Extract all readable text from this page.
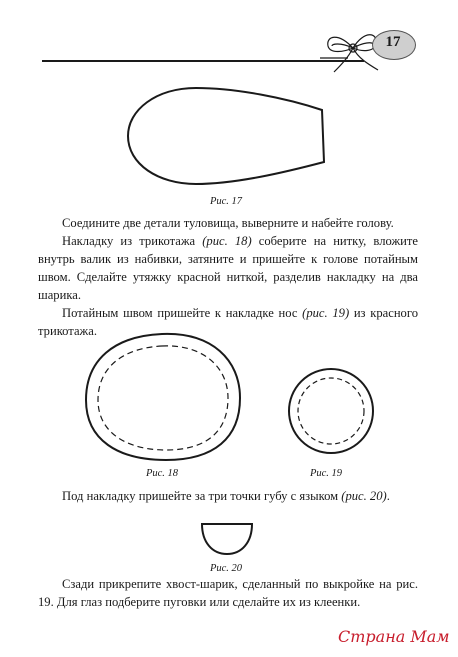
17
Рис. 17
Соедините две детали туловища, выверните и набейте голову.
Накладку из трикотажа (рис. 18) соберите на нитку, вложите внутрь валик из набивки, затяните и пришейте к голове потайным швом. Сделайте утяжку красной ниткой, разделив накладку на два шарика.
Потайным швом пришейте к накладке нос (рис. 19) из красного трикотажа.
Рис. 18	Рис. 19
Под накладку пришейте за три точки губу с языком (рис. 20).
Рис. 20
Сзади прикрепите хвост-шарик, сделанный по выкройке на рис. 19. Для глаз подберите пуговки или сделайте их из клеенки.
Страна Мам
